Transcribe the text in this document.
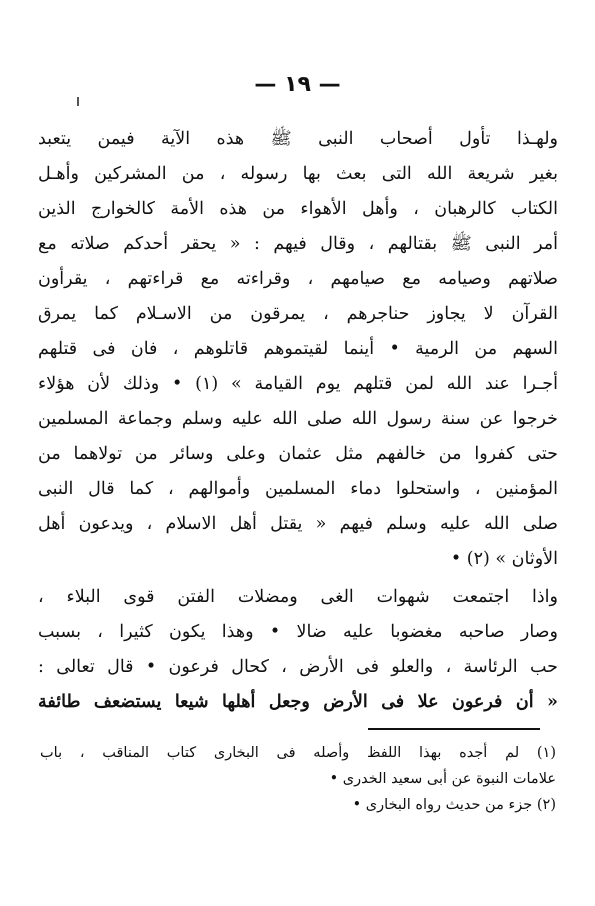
— ١٩ —
ولهـذا تأول أصحاب النبى ﷺ هذه الآية فيمن يتعبد
بغير شريعة الله التى بعث بها رسوله ، من المشركين وأهـل
الكتاب كالرهبان ، وأهل الأهواء من هذه الأمة كالخوارج الذين
أمر النبى ﷺ بقتالهم ، وقال فيهم : « يحقر أحدكم صلاته مع
صلاتهم وصيامه مع صيامهم ، وقراءته مع قراءتهم ، يقرأون
القرآن لا يجاوز حناجرهم ، يمرقون من الاسـلام كما يمرق
السهم من الرمية • أينما لقيتموهم قاتلوهم ، فان فى قتلهم
أجـرا عند الله لمن قتلهم يوم القيامة » (١) • وذلك لأن هؤلاء
خرجوا عن سنة رسول الله صلى الله عليه وسلم وجماعة المسلمين
حتى كفروا من خالفهم مثل عثمان وعلى وسائر من تولاهما من
المؤمنين ، واستحلوا دماء المسلمين وأموالهم ، كما قال النبى
صلى الله عليه وسلم فيهم « يقتل أهل الاسلام ، ويدعون أهل
الأوثان » (٢) •
واذا اجتمعت شهوات الغى ومضلات الفتن قوى البلاء ،
وصار صاحبه مغضوبا عليه ضالا • وهذا يكون كثيرا ، بسبب
حب الرئاسة ، والعلو فى الأرض ، كحال فرعون • قال تعالى :
« أن فرعون علا فى الأرض وجعل أهلها شيعا يستضعف طائفة
(١) لم أجده بهذا اللفظ وأصله فى البخارى كتاب المناقب ، باب
علامات النبوة عن أبى سعيد الخدرى •
(٢) جزء من حديث رواه البخارى •
